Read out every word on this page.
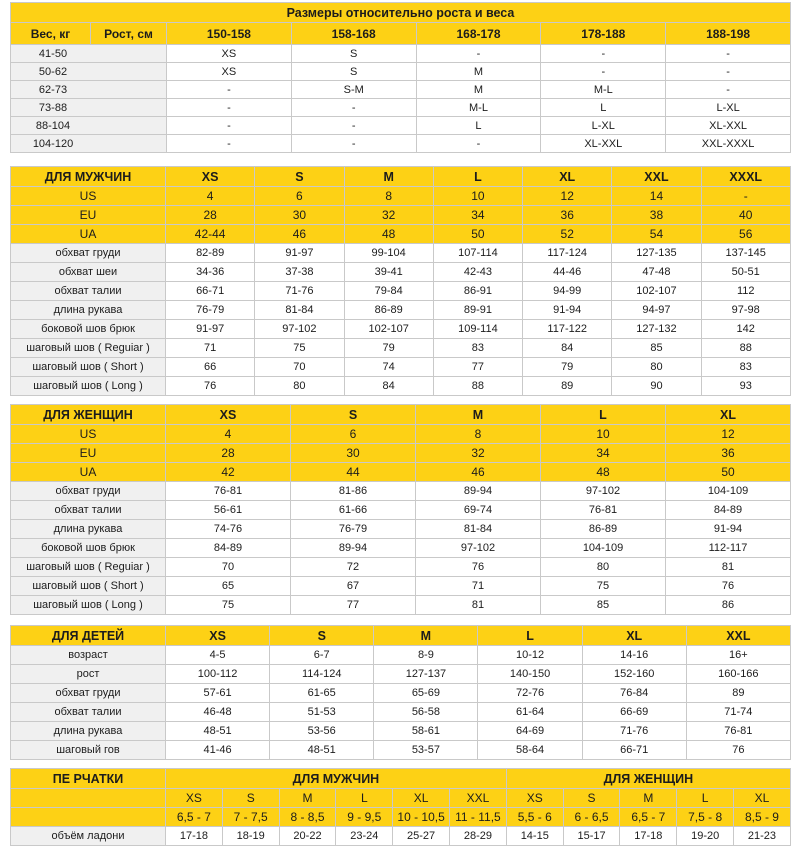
Размеры относительно роста и веса						
Вес, кг	Рост, см	150-158	158-168	168-178	178-188	188-198
41-50		XS	S	-	-	-
50-62		XS	S	M	-	-
62-73		-	S-M	M	M-L	-
73-88		-	-	M-L	L	L-XL
88-104		-	-	L	L-XL	XL-XXL
104-120		-	-	-	XL-XXL	XXL-XXXL
ДЛЯ МУЖЧИН	XS	S	M	L	XL	XXL	XXXL
US	4	6	8	10	12	14	-
EU	28	30	32	34	36	38	40
UA	42-44	46	48	50	52	54	56
обхват груди	82-89	91-97	99-104	107-114	117-124	127-135	137-145
обхват шеи	34-36	37-38	39-41	42-43	44-46	47-48	50-51
обхват талии	66-71	71-76	79-84	86-91	94-99	102-107	112
длина рукава	76-79	81-84	86-89	89-91	91-94	94-97	97-98
боковой шов брюк	91-97	97-102	102-107	109-114	117-122	127-132	142
шаговый шов ( Reguiar )	71	75	79	83	84	85	88
шаговый шов ( Short )	66	70	74	77	79	80	83
шаговый шов ( Long )	76	80	84	88	89	90	93
ДЛЯ ЖЕНЩИН	XS	S	M	L	XL
US	4	6	8	10	12
EU	28	30	32	34	36
UA	42	44	46	48	50
обхват груди	76-81	81-86	89-94	97-102	104-109
обхват талии	56-61	61-66	69-74	76-81	84-89
длина рукава	74-76	76-79	81-84	86-89	91-94
боковой шов брюк	84-89	89-94	97-102	104-109	112-117
шаговый шов ( Reguiar )	70	72	76	80	81
шаговый шов ( Short )	65	67	71	75	76
шаговый шов ( Long )	75	77	81	85	86
ДЛЯ ДЕТЕЙ	XS	S	M	L	XL	XXL
возраст	4-5	6-7	8-9	10-12	14-16	16+
рост	100-112	114-124	127-137	140-150	152-160	160-166
обхват груди	57-61	61-65	65-69	72-76	76-84	89
обхват талии	46-48	51-53	56-58	61-64	66-69	71-74
длина рукава	48-51	53-56	58-61	64-69	71-76	76-81
шаговый гов	41-46	48-51	53-57	58-64	66-71	76
ПЕ РЧАТКИ	ДЛЯ МУЖЧИН						ДЛЯ ЖЕНЩИН				
	XS	S	M	L	XL	XXL	XS	S	M	L	XL
	6,5 - 7	7 - 7,5	8 - 8,5	9 - 9,5	10 - 10,5	11 - 11,5	5,5 - 6	6 - 6,5	6,5 - 7	7,5 - 8	8,5 - 9
объём ладони	17-18	18-19	20-22	23-24	25-27	28-29	14-15	15-17	17-18	19-20	21-23
